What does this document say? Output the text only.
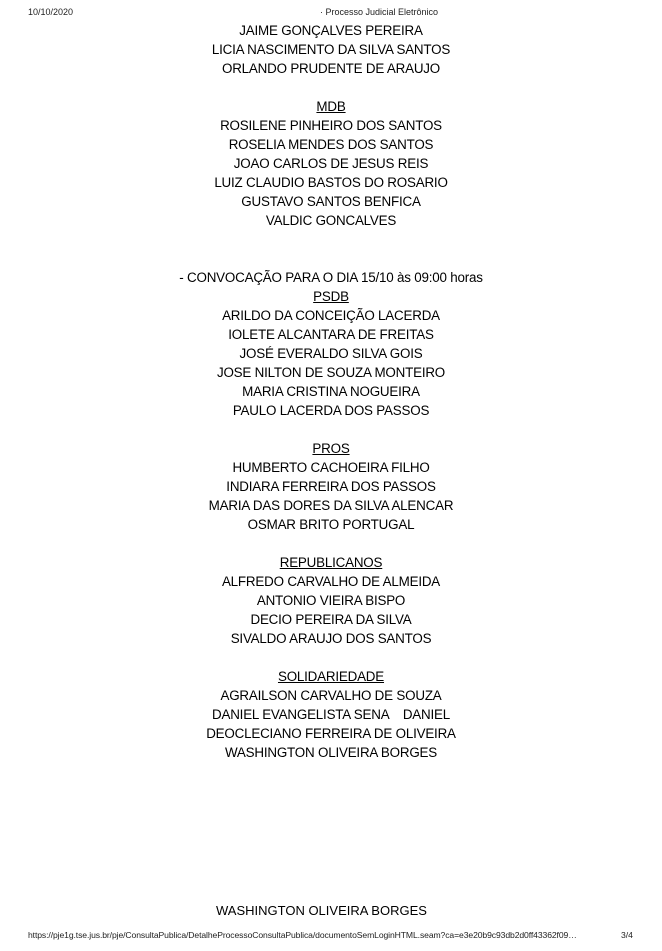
10/10/2020	· Processo Judicial Eletrônico
JAIME GONÇALVES PEREIRA
LICIA NASCIMENTO DA SILVA SANTOS
ORLANDO PRUDENTE DE ARAUJO
MDB
ROSILENE PINHEIRO DOS SANTOS
ROSELIA MENDES DOS SANTOS
JOAO CARLOS DE JESUS REIS
LUIZ CLAUDIO BASTOS DO ROSARIO
GUSTAVO SANTOS BENFICA
VALDIC GONCALVES
- CONVOCAÇÃO PARA O DIA 15/10 às 09:00 horas
PSDB
ARILDO DA CONCEIÇÃO LACERDA
IOLETE ALCANTARA DE FREITAS
JOSÉ EVERALDO SILVA GOIS
JOSE NILTON DE SOUZA MONTEIRO
MARIA CRISTINA NOGUEIRA
PAULO LACERDA DOS PASSOS
PROS
HUMBERTO CACHOEIRA FILHO
INDIARA FERREIRA DOS PASSOS
MARIA DAS DORES DA SILVA ALENCAR
OSMAR BRITO PORTUGAL
REPUBLICANOS
ALFREDO CARVALHO DE ALMEIDA
ANTONIO VIEIRA BISPO
DECIO PEREIRA DA SILVA
SIVALDO ARAUJO DOS SANTOS
SOLIDARIEDADE
AGRAILSON CARVALHO DE SOUZA
DANIEL EVANGELISTA SENA    DANIEL
DEOCLECIANO FERREIRA DE OLIVEIRA
WASHINGTON OLIVEIRA BORGES
WASHINGTON OLIVEIRA BORGES
https://pje1g.tse.jus.br/pje/ConsultaPublica/DetalheProcessoConsultaPublica/documentoSemLoginHTML.seam?ca=e3e20b9c93db2d0ff43362f09…	3/4
